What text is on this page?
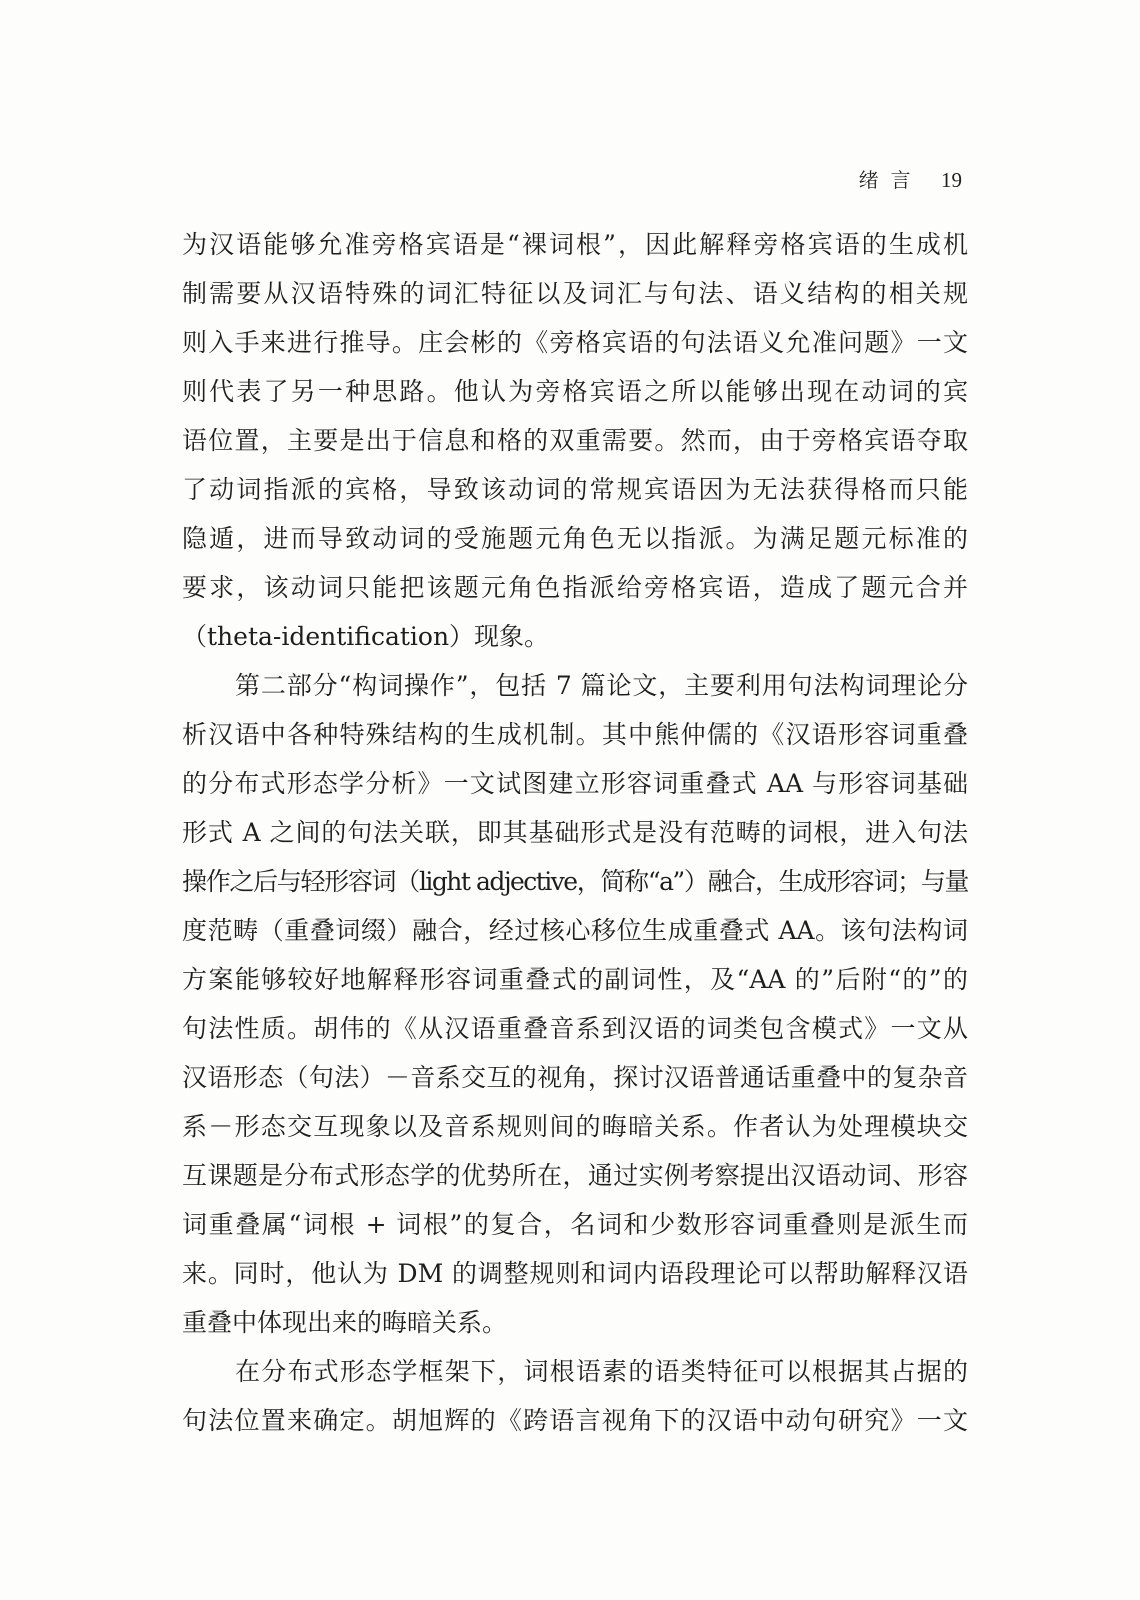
绪言 19
为汉语能够允准旁格宾语是“裸词根”，因此解释旁格宾语的生成机
制需要从汉语特殊的词汇特征以及词汇与句法、语义结构的相关规
则入手来进行推导。庄会彬的《旁格宾语的句法语义允准问题》一文
则代表了另一种思路。他认为旁格宾语之所以能够出现在动词的宾
语位置，主要是出于信息和格的双重需要。然而，由于旁格宾语夺取
了动词指派的宾格，导致该动词的常规宾语因为无法获得格而只能
隐遁，进而导致动词的受施题元角色无以指派。为满足题元标准的
要求，该动词只能把该题元角色指派给旁格宾语，造成了题元合并
（theta-identification）现象。
第二部分“构词操作”，包括 7 篇论文，主要利用句法构词理论分
析汉语中各种特殊结构的生成机制。其中熊仲儒的《汉语形容词重叠
的分布式形态学分析》一文试图建立形容词重叠式 AA 与形容词基础
形式 A 之间的句法关联，即其基础形式是没有范畴的词根，进入句法
操作之后与轻形容词（light adjective，简称“a”）融合，生成形容词；与量
度范畴（重叠词缀）融合，经过核心移位生成重叠式 AA。该句法构词
方案能够较好地解释形容词重叠式的副词性，及“AA 的”后附“的”的
句法性质。胡伟的《从汉语重叠音系到汉语的词类包含模式》一文从
汉语形态（句法）－音系交互的视角，探讨汉语普通话重叠中的复杂音
系－形态交互现象以及音系规则间的晦暗关系。作者认为处理模块交
互课题是分布式形态学的优势所在，通过实例考察提出汉语动词、形容
词重叠属“词根 + 词根”的复合，名词和少数形容词重叠则是派生而
来。同时，他认为 DM 的调整规则和词内语段理论可以帮助解释汉语
重叠中体现出来的晦暗关系。
在分布式形态学框架下，词根语素的语类特征可以根据其占据的
句法位置来确定。胡旭辉的《跨语言视角下的汉语中动句研究》一文
